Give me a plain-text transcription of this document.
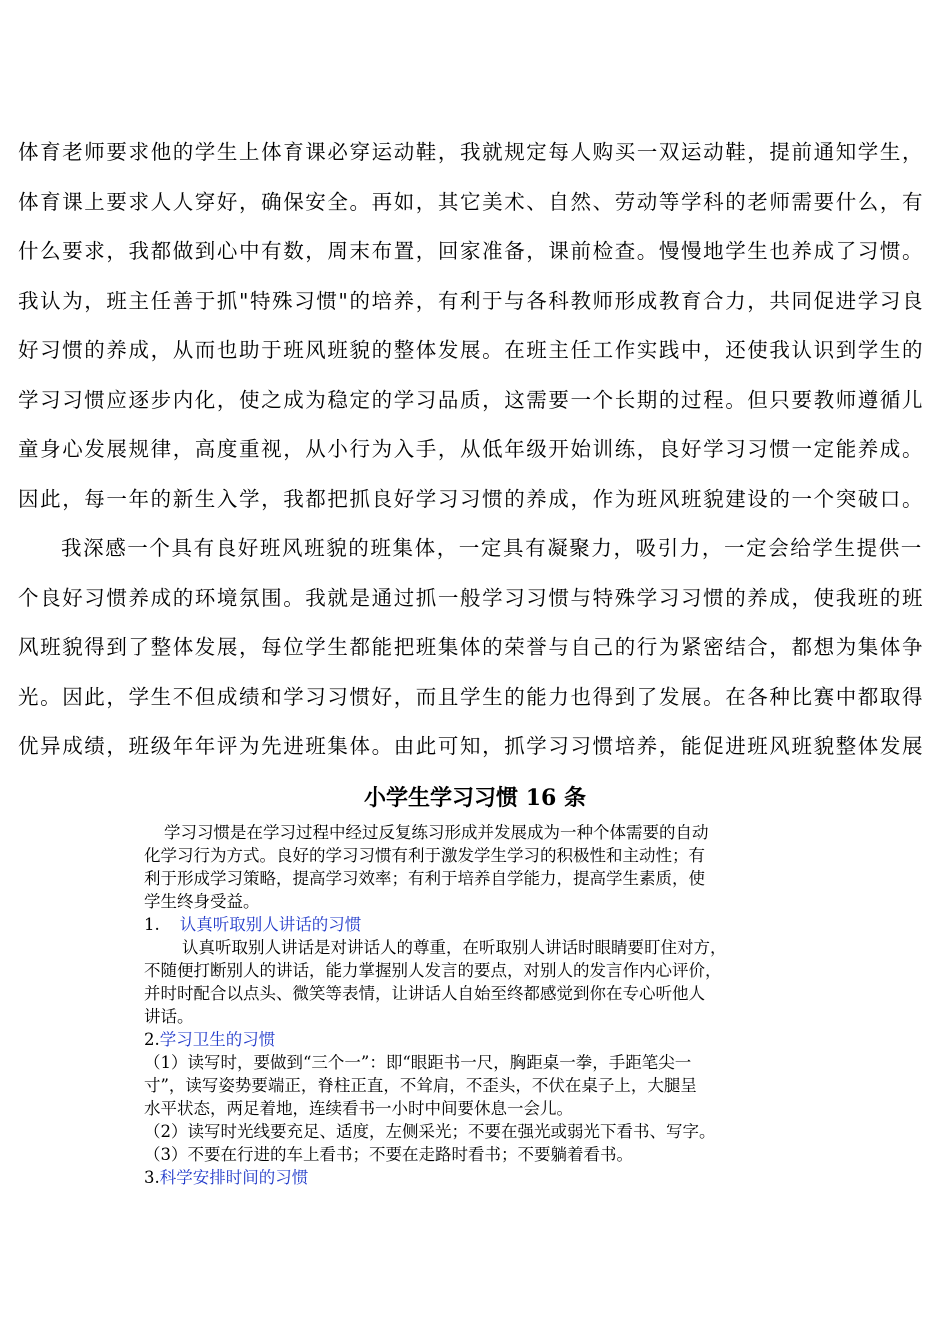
体育老师要求他的学生上体育课必穿运动鞋，我就规定每人购买一双运动鞋，提前通知学生，
体育课上要求人人穿好，确保安全。再如，其它美术、自然、劳动等学科的老师需要什么，有
什么要求，我都做到心中有数，周末布置，回家准备，课前检查。慢慢地学生也养成了习惯。
我认为，班主任善于抓"特殊习惯"的培养，有利于与各科教师形成教育合力，共同促进学习良
好习惯的养成，从而也助于班风班貌的整体发展。在班主任工作实践中，还使我认识到学生的
学习习惯应逐步内化，使之成为稳定的学习品质，这需要一个长期的过程。但只要教师遵循儿
童身心发展规律，高度重视，从小行为入手，从低年级开始训练，良好学习习惯一定能养成。
因此，每一年的新生入学，我都把抓良好学习习惯的养成，作为班风班貌建设的一个突破口。
我深感一个具有良好班风班貌的班集体，一定具有凝聚力，吸引力，一定会给学生提供一
个良好习惯养成的环境氛围。我就是通过抓一般学习习惯与特殊学习习惯的养成，使我班的班
风班貌得到了整体发展，每位学生都能把班集体的荣誉与自己的行为紧密结合，都想为集体争
光。因此，学生不但成绩和学习习惯好，而且学生的能力也得到了发展。在各种比赛中都取得
优异成绩，班级年年评为先进班集体。由此可知，抓学习习惯培养，能促进班风班貌整体发展
小学生学习习惯 16 条
学习习惯是在学习过程中经过反复练习形成并发展成为一种个体需要的自动
化学习行为方式。良好的学习习惯有利于激发学生学习的积极性和主动性；有
利于形成学习策略，提高学习效率；有利于培养自学能力，提高学生素质，使
学生终身受益。
1. 认真听取别人讲话的习惯
认真听取别人讲话是对讲话人的尊重，在听取别人讲话时眼睛要盯住对方，
不随便打断别人的讲话，能力掌握别人发言的要点，对别人的发言作内心评价，
并时时配合以点头、微笑等表情，让讲话人自始至终都感觉到你在专心听他人
讲话。
2.学习卫生的习惯
（1）读写时，要做到“三个一”：即“眼距书一尺，胸距桌一拳，手距笔尖一
寸”，读写姿势要端正，脊柱正直，不耸肩，不歪头，不伏在桌子上，大腿呈
水平状态，两足着地，连续看书一小时中间要休息一会儿。
（2）读写时光线要充足、适度，左侧采光；不要在强光或弱光下看书、写字。
（3）不要在行进的车上看书；不要在走路时看书；不要躺着看书。
3.科学安排时间的习惯
